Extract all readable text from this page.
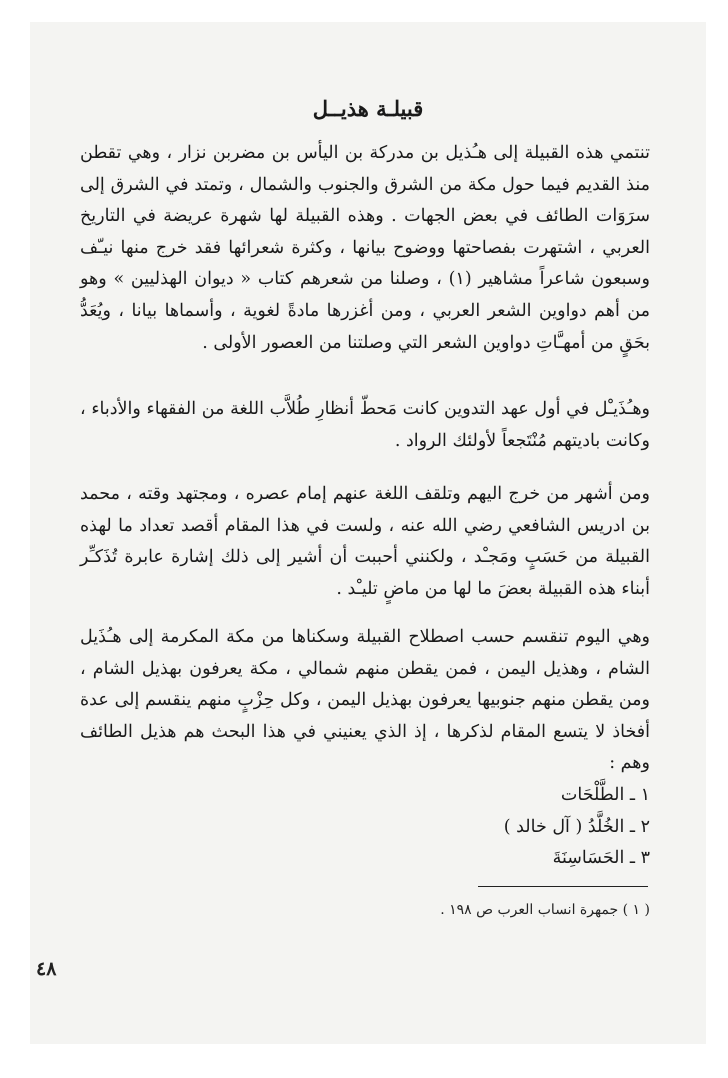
قبيلـة هذيــل
تنتمي هذه القبيلة إلى هـُذيل بن مدركة بن اليأس بن مضربن نزار ، وهي تقطن منذ القديم فيما حول مكة من الشرق والجنوب والشمال ، وتمتد في الشرق إلى سرَوَات الطائف في بعض الجهات . وهذه القبيلة لها شهرة عريضة في التاريخ العربي ، اشتهرت بفصاحتها ووضوح بيانها ، وكثرة شعرائها فقد خرج منها نيـّف وسبعون شاعراً مشاهير (١) ، وصلنا من شعرهم كتاب « ديوان الهذليين » وهو من أهم دواوين الشعر العربي ، ومن أغزرها مادةً لغوية ، وأسماها بيانا ، ويُعَدُّ بحَقٍ من أمهـَّاتِ دواوين الشعر التي وصلتنا من العصور الأولى .
وهـُذَيـْل في أول عهد التدوين كانت مَحطّ أنظارِ طُلاَّب اللغة من الفقهاء والأدباء ، وكانت باديتهم مُنْتَجعاً لأولئك الرواد .
ومن أشهر من خرج اليهم وتلقف اللغة عنهم إمام عصره ، ومجتهد وقته ، محمد بن ادريس الشافعي رضي الله عنه ، ولست في هذا المقام أقصد تعداد ما لهذه القبيلة من حَسَبٍ ومَجـْد ، ولكنني أحببت أن أشير إلى ذلك إشارة عابرة تُذَكـِّر أبناء هذه القبيلة بعضَ ما لها من ماضٍ تليـْد .
وهي اليوم تنقسم حسب اصطلاح القبيلة وسكناها من مكة المكرمة إلى هـُذَيل الشام ، وهذيل اليمن ، فمن يقطن منهم شمالي ، مكة يعرفون بهذيل الشام ، ومن يقطن منهم جنوبيها يعرفون بهذيل اليمن ، وكل حِزْبٍ منهم ينقسم إلى عدة أفخاذ لا يتسع المقام لذكرها ، إذ الذي يعنيني في هذا البحث هم هذيل الطائف وهم :
١ ـ الطَّلْحَات
٢ ـ الخُلَّدُ ( آل خالد )
٣ ـ الحَسَاسِنَةَ
( ١ ) جمهرة انساب العرب ص ١٩٨ .
٤٨
